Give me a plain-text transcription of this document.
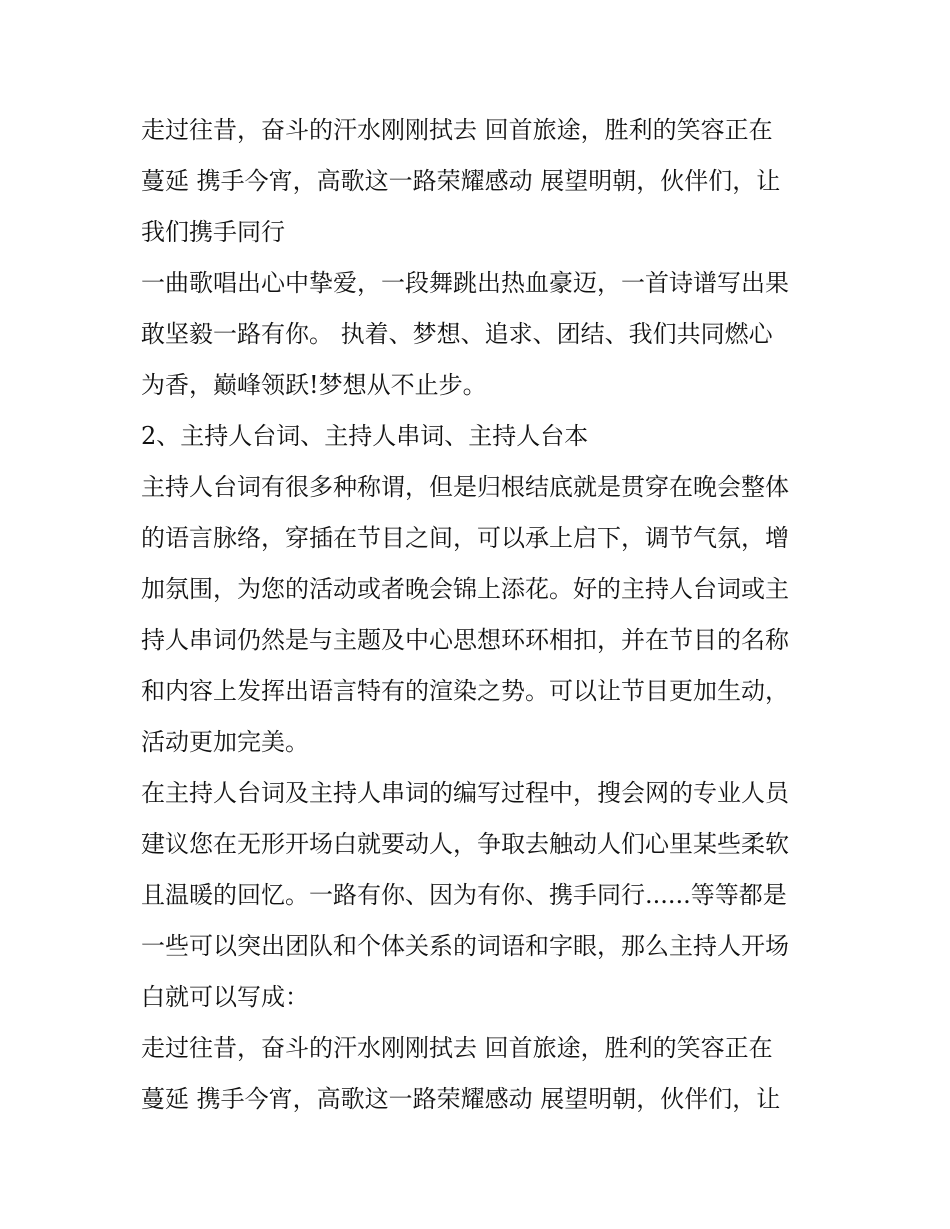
走过往昔，奋斗的汗水刚刚拭去 回首旅途，胜利的笑容正在
蔓延 携手今宵，高歌这一路荣耀感动 展望明朝，伙伴们，让
我们携手同行
一曲歌唱出心中挚爱，一段舞跳出热血豪迈，一首诗谱写出果
敢坚毅一路有你。 执着、梦想、追求、团结、我们共同燃心
为香，巅峰领跃!梦想从不止步。
2、主持人台词、主持人串词、主持人台本
主持人台词有很多种称谓，但是归根结底就是贯穿在晚会整体
的语言脉络，穿插在节目之间，可以承上启下，调节气氛，增
加氛围，为您的活动或者晚会锦上添花。好的主持人台词或主
持人串词仍然是与主题及中心思想环环相扣，并在节目的名称
和内容上发挥出语言特有的渲染之势。可以让节目更加生动，
活动更加完美。
在主持人台词及主持人串词的编写过程中，搜会网的专业人员
建议您在无形开场白就要动人，争取去触动人们心里某些柔软
且温暖的回忆。一路有你、因为有你、携手同行......等等都是
一些可以突出团队和个体关系的词语和字眼，那么主持人开场
白就可以写成：
走过往昔，奋斗的汗水刚刚拭去 回首旅途，胜利的笑容正在
蔓延 携手今宵，高歌这一路荣耀感动 展望明朝，伙伴们，让
